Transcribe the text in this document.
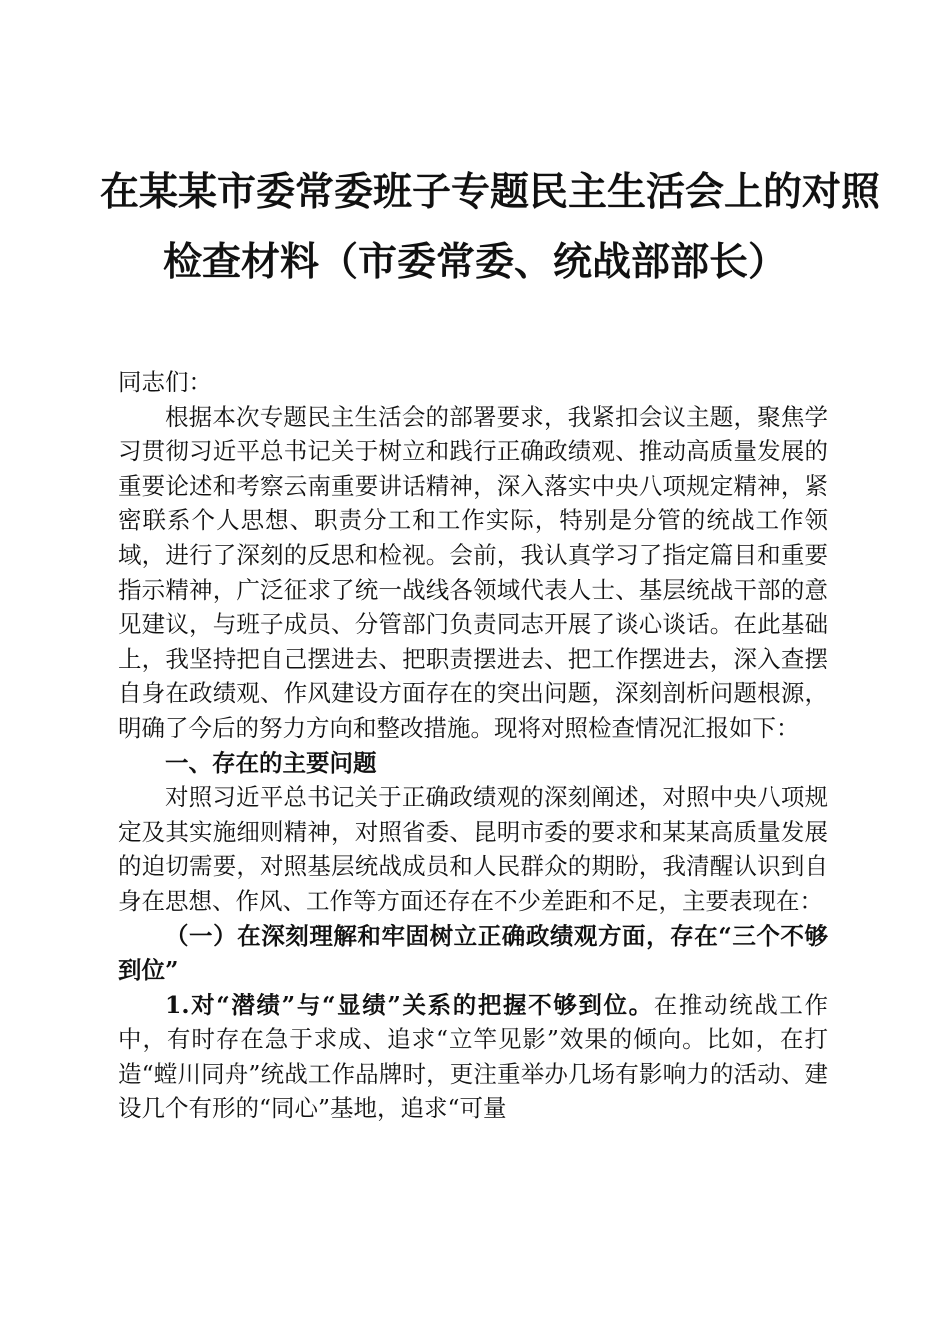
在某某市委常委班子专题民主生活会上的对照
检查材料（市委常委、统战部部长）

同志们：

根据本次专题民主生活会的部署要求，我紧扣会议主题，聚焦学习贯彻习近平总书记关于树立和践行正确政绩观、推动高质量发展的重要论述和考察云南重要讲话精神，深入落实中央八项规定精神，紧密联系个人思想、职责分工和工作实际，特别是分管的统战工作领域，进行了深刻的反思和检视。会前，我认真学习了指定篇目和重要指示精神，广泛征求了统一战线各领域代表人士、基层统战干部的意见建议，与班子成员、分管部门负责同志开展了谈心谈话。在此基础上，我坚持把自己摆进去、把职责摆进去、把工作摆进去，深入查摆自身在政绩观、作风建设方面存在的突出问题，深刻剖析问题根源，明确了今后的努力方向和整改措施。现将对照检查情况汇报如下：

一、存在的主要问题

对照习近平总书记关于正确政绩观的深刻阐述，对照中央八项规定及其实施细则精神，对照省委、昆明市委的要求和某某高质量发展的迫切需要，对照基层统战成员和人民群众的期盼，我清醒认识到自身在思想、作风、工作等方面还存在不少差距和不足，主要表现在：

（一）在深刻理解和牢固树立正确政绩观方面，存在“三个不够到位”

1.对“潜绩”与“显绩”关系的把握不够到位。在推动统战工作中，有时存在急于求成、追求“立竿见影”效果的倾向。比如，在打造“螳川同舟”统战工作品牌时，更注重举办几场有影响力的活动、建设几个有形的“同心”基地，追求“可量
